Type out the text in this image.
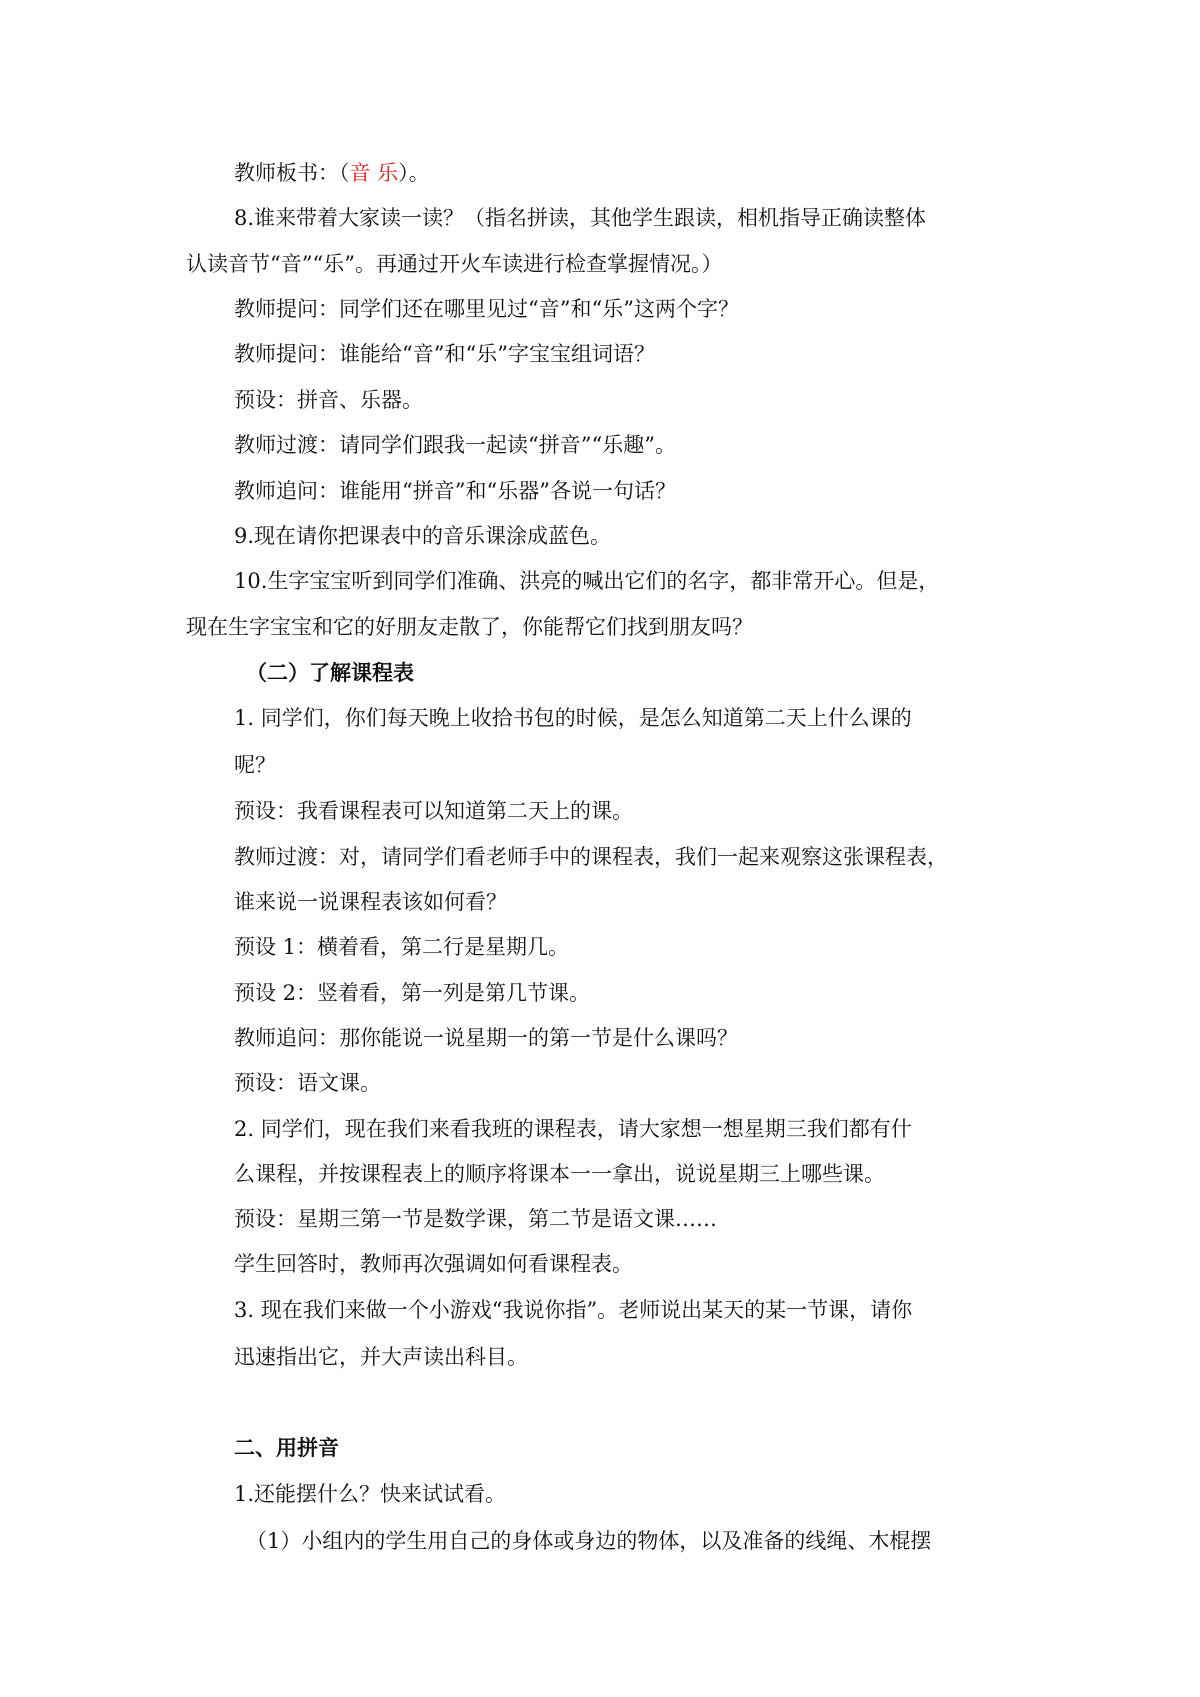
教师板书：（音 乐）。
8.谁来带着大家读一读？（指名拼读，其他学生跟读，相机指导正确读整体
认读音节“音”“乐”。再通过开火车读进行检查掌握情况。）
教师提问：同学们还在哪里见过“音”和“乐”这两个字？
教师提问：谁能给“音”和“乐”字宝宝组词语？
预设：拼音、乐器。
教师过渡：请同学们跟我一起读“拼音”“乐趣”。
教师追问：谁能用“拼音”和“乐器”各说一句话？
9.现在请你把课表中的音乐课涂成蓝色。
10.生字宝宝听到同学们准确、洪亮的喊出它们的名字，都非常开心。但是，
现在生字宝宝和它的好朋友走散了，你能帮它们找到朋友吗？
（二）了解课程表
1. 同学们，你们每天晚上收拾书包的时候，是怎么知道第二天上什么课的
呢？
预设：我看课程表可以知道第二天上的课。
教师过渡：对，请同学们看老师手中的课程表，我们一起来观察这张课程表，
谁来说一说课程表该如何看？
预设 1：横着看，第二行是星期几。
预设 2：竖着看，第一列是第几节课。
教师追问：那你能说一说星期一的第一节是什么课吗？
预设：语文课。
2. 同学们，现在我们来看我班的课程表，请大家想一想星期三我们都有什
么课程，并按课程表上的顺序将课本一一拿出，说说星期三上哪些课。
预设：星期三第一节是数学课，第二节是语文课……
学生回答时，教师再次强调如何看课程表。
3. 现在我们来做一个小游戏“我说你指”。老师说出某天的某一节课，请你
迅速指出它，并大声读出科目。
二、用拼音
1.还能摆什么？快来试试看。
（1）小组内的学生用自己的身体或身边的物体，以及准备的线绳、木棍摆
